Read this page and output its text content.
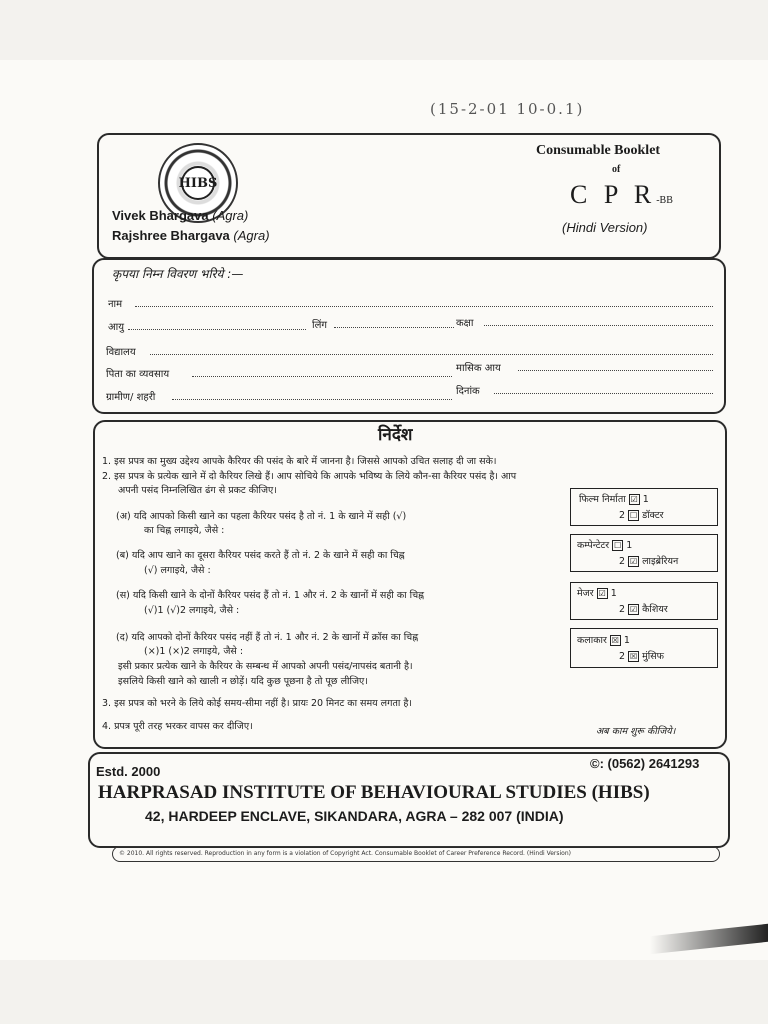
(15-2-01 10-0.1)
HIBS
Vivek Bhargava (Agra)
Rajshree Bhargava (Agra)
Consumable Booklet
of
C P R-BB
(Hindi Version)
कृपया निम्न विवरण भरिये :—
नाम
आयु	लिंग	कक्षा
विद्यालय
पिता का व्यवसाय
मासिक आय
ग्रामीण/ शहरी
दिनांक
निर्देश
1. इस प्रपत्र का मुख्य उद्देश्य आपके कैरियर की पसंद के बारे में जानना है। जिससे आपको उचित सलाह दी जा सके।
2. इस प्रपत्र के प्रत्येक खाने में दो कैरियर लिखे हैं। आप सोचिये कि आपके भविष्य के लिये कौन-सा कैरियर पसंद है। आप
अपनी पसंद निम्नलिखित ढंग से प्रकट कीजिए।
(अ) यदि आपको किसी खाने का पहला कैरियर पसंद है तो नं. 1 के खाने में सही (√)
का चिह्न लगाइये, जैसे :
(ब) यदि आप खाने का दूसरा कैरियर पसंद करते हैं तो नं. 2 के खाने में सही का चिह्न
(√) लगाइये, जैसे :
(स) यदि किसी खाने के दोनों कैरियर पसंद हैं तो नं. 1 और नं. 2 के खानों में सही का चिह्न
(√)1 (√)2 लगाइये, जैसे :
(द) यदि आपको दोनों कैरियर पसंद नहीं हैं तो नं. 1 और नं. 2 के खानों में क्रॉस का चिह्न
(×)1 (×)2 लगाइये, जैसे :
इसी प्रकार प्रत्येक खाने के कैरियर के सम्बन्ध में आपको अपनी पसंद/नापसंद बतानी है।
इसलिये किसी खाने को खाली न छोड़ें। यदि कुछ पूछना है तो पूछ लीजिए।
3. इस प्रपत्र को भरने के लिये कोई समय-सीमा नहीं है। प्रायः 20 मिनट का समय लगता है।
4. प्रपत्र पूरी तरह भरकर वापस कर दीजिए।	अब काम शुरू कीजिये।
फिल्म निर्माता ☑ 1
2 ☐ डॉक्टर
कम्पेन्टेटर ☐ 1
2 ☑ लाइब्रेरियन
मेजर ☑ 1
2 ☑ कैशियर
कलाकार ☒ 1
2 ☒ मुंसिफ
Estd. 2000
©: (0562) 2641293
HARPRASAD INSTITUTE OF BEHAVIOURAL STUDIES (HIBS)
42, HARDEEP ENCLAVE, SIKANDARA, AGRA – 282 007 (INDIA)
© 2010. All rights reserved. Reproduction in any form is a violation of Copyright Act. Consumable Booklet of Career Preference Record. (Hindi Version)
